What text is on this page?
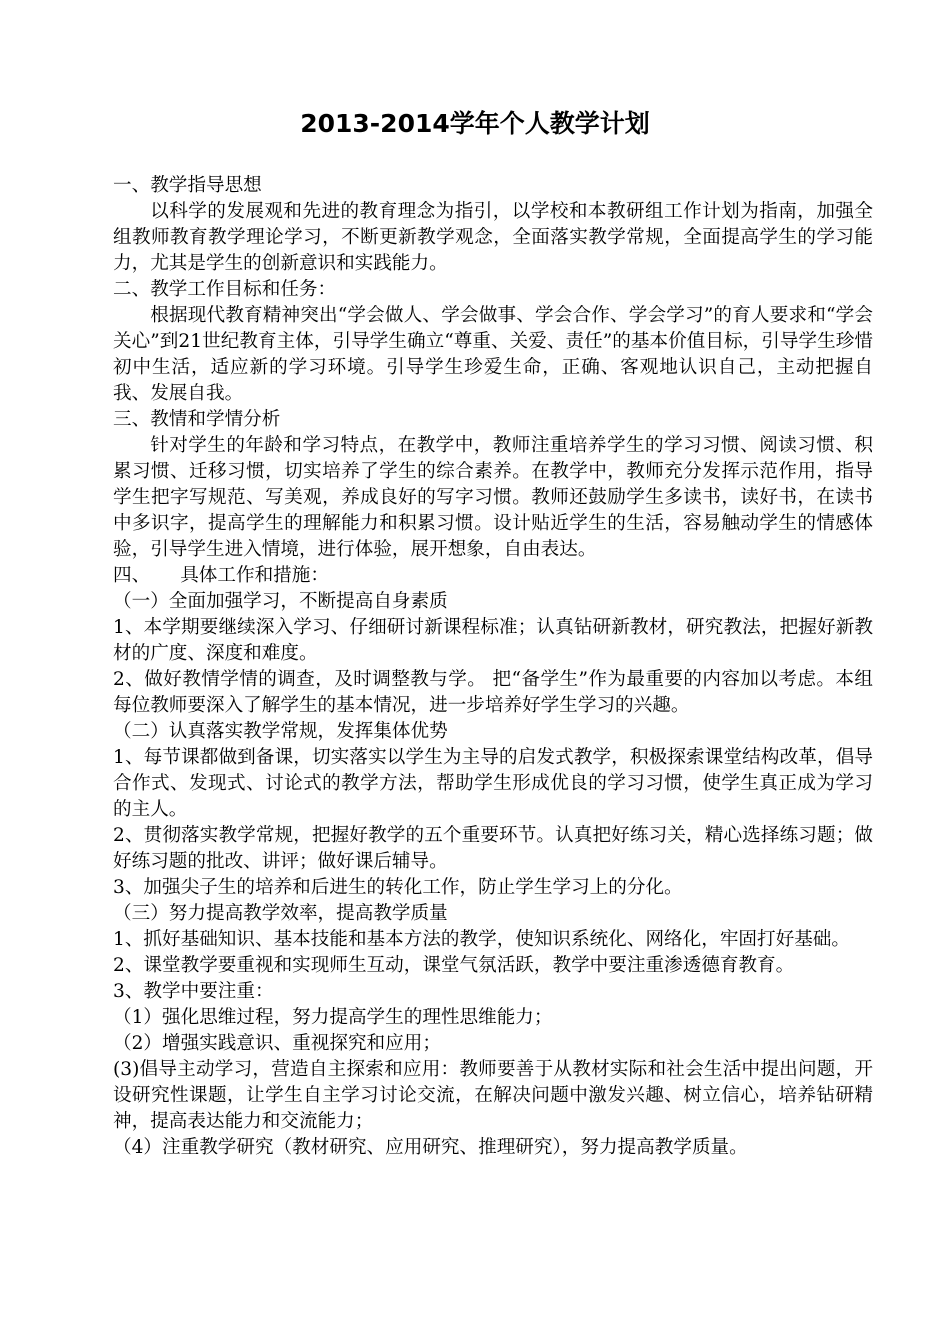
2013-2014学年个人教学计划

一、教学指导思想

以科学的发展观和先进的教育理念为指引，以学校和本教研组工作计划为指南，加强全组教师教育教学理论学习，不断更新教学观念，全面落实教学常规，全面提高学生的学习能力，尤其是学生的创新意识和实践能力。

二、教学工作目标和任务：

根据现代教育精神突出“学会做人、学会做事、学会合作、学会学习”的育人要求和“学会关心”到21世纪教育主体，引导学生确立“尊重、关爱、责任”的基本价值目标，引导学生珍惜初中生活，适应新的学习环境。引导学生珍爱生命，正确、客观地认识自己，主动把握自我、发展自我。

三、教情和学情分析

针对学生的年龄和学习特点，在教学中，教师注重培养学生的学习习惯、阅读习惯、积累习惯、迁移习惯，切实培养了学生的综合素养。在教学中，教师充分发挥示范作用，指导学生把字写规范、写美观，养成良好的写字习惯。教师还鼓励学生多读书，读好书，在读书中多识字，提高学生的理解能力和积累习惯。设计贴近学生的生活，容易触动学生的情感体验，引导学生进入情境，进行体验，展开想象，自由表达。

四、 具体工作和措施：

（一）全面加强学习，不断提高自身素质

1、本学期要继续深入学习、仔细研讨新课程标准；认真钻研新教材，研究教法，把握好新教材的广度、深度和难度。

2、做好教情学情的调查，及时调整教与学。 把“备学生”作为最重要的内容加以考虑。本组每位教师要深入了解学生的基本情况，进一步培养好学生学习的兴趣。

（二）认真落实教学常规，发挥集体优势

1、每节课都做到备课，切实落实以学生为主导的启发式教学，积极探索课堂结构改革，倡导合作式、发现式、讨论式的教学方法，帮助学生形成优良的学习习惯，使学生真正成为学习的主人。

2、贯彻落实教学常规，把握好教学的五个重要环节。认真把好练习关，精心选择练习题；做好练习题的批改、讲评；做好课后辅导。

3、加强尖子生的培养和后进生的转化工作，防止学生学习上的分化。

（三）努力提高教学效率，提高教学质量

1、抓好基础知识、基本技能和基本方法的教学，使知识系统化、网络化，牢固打好基础。

2、课堂教学要重视和实现师生互动，课堂气氛活跃，教学中要注重渗透德育教育。

3、教学中要注重：

（1）强化思维过程，努力提高学生的理性思维能力；

（2）增强实践意识、重视探究和应用；

(3)倡导主动学习，营造自主探索和应用：教师要善于从教材实际和社会生活中提出问题，开设研究性课题，让学生自主学习讨论交流，在解决问题中激发兴趣、树立信心，培养钻研精神，提高表达能力和交流能力；

（4）注重教学研究（教材研究、应用研究、推理研究），努力提高教学质量。
